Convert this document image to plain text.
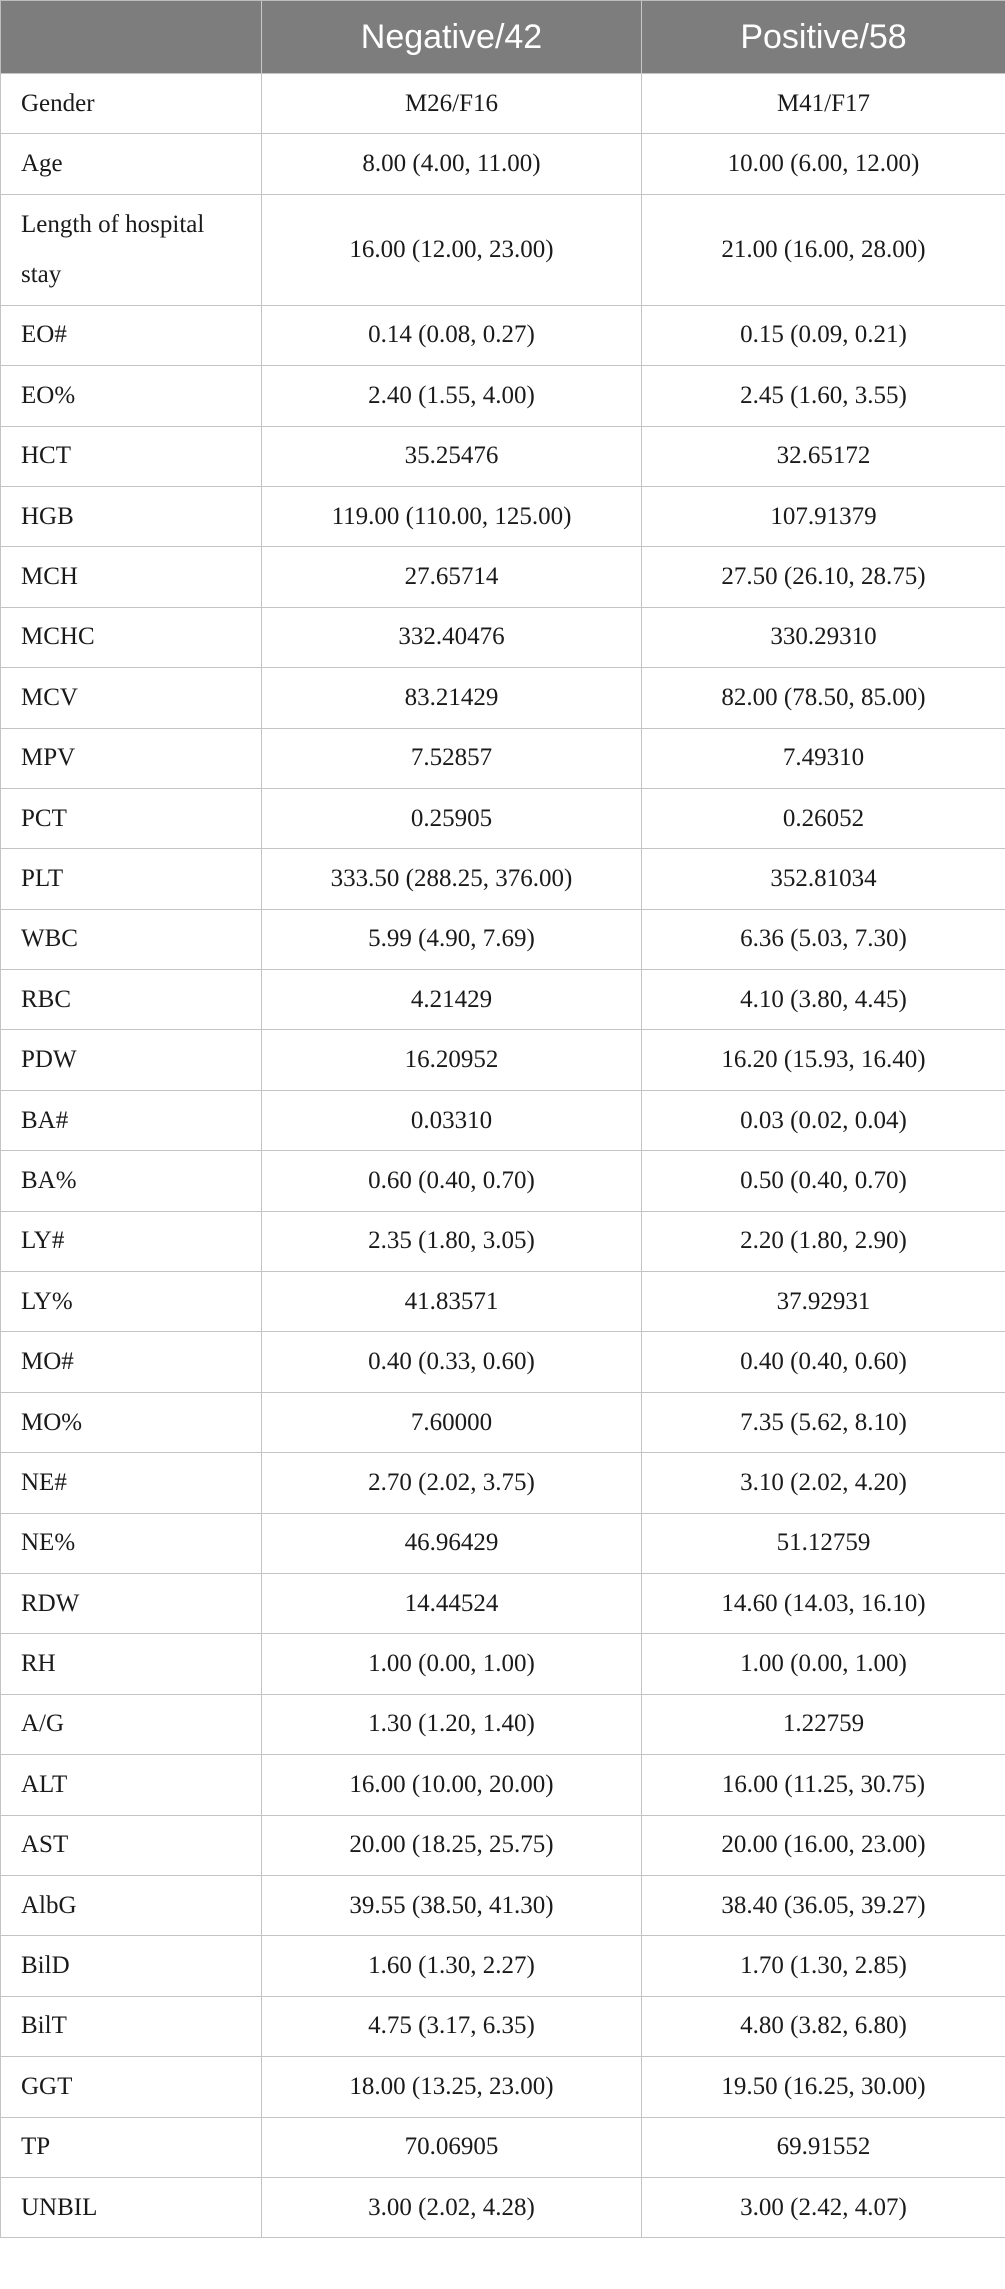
	Negative/42	Positive/58
Gender	M26/F16	M41/F17
Age	8.00 (4.00, 11.00)	10.00 (6.00, 12.00)
Length of hospital stay	16.00 (12.00, 23.00)	21.00 (16.00, 28.00)
EO#	0.14 (0.08, 0.27)	0.15 (0.09, 0.21)
EO%	2.40 (1.55, 4.00)	2.45 (1.60, 3.55)
HCT	35.25476	32.65172
HGB	119.00 (110.00, 125.00)	107.91379
MCH	27.65714	27.50 (26.10, 28.75)
MCHC	332.40476	330.29310
MCV	83.21429	82.00 (78.50, 85.00)
MPV	7.52857	7.49310
PCT	0.25905	0.26052
PLT	333.50 (288.25, 376.00)	352.81034
WBC	5.99 (4.90, 7.69)	6.36 (5.03, 7.30)
RBC	4.21429	4.10 (3.80, 4.45)
PDW	16.20952	16.20 (15.93, 16.40)
BA#	0.03310	0.03 (0.02, 0.04)
BA%	0.60 (0.40, 0.70)	0.50 (0.40, 0.70)
LY#	2.35 (1.80, 3.05)	2.20 (1.80, 2.90)
LY%	41.83571	37.92931
MO#	0.40 (0.33, 0.60)	0.40 (0.40, 0.60)
MO%	7.60000	7.35 (5.62, 8.10)
NE#	2.70 (2.02, 3.75)	3.10 (2.02, 4.20)
NE%	46.96429	51.12759
RDW	14.44524	14.60 (14.03, 16.10)
RH	1.00 (0.00, 1.00)	1.00 (0.00, 1.00)
A/G	1.30 (1.20, 1.40)	1.22759
ALT	16.00 (10.00, 20.00)	16.00 (11.25, 30.75)
AST	20.00 (18.25, 25.75)	20.00 (16.00, 23.00)
AlbG	39.55 (38.50, 41.30)	38.40 (36.05, 39.27)
BilD	1.60 (1.30, 2.27)	1.70 (1.30, 2.85)
BilT	4.75 (3.17, 6.35)	4.80 (3.82, 6.80)
GGT	18.00 (13.25, 23.00)	19.50 (16.25, 30.00)
TP	70.06905	69.91552
UNBIL	3.00 (2.02, 4.28)	3.00 (2.42, 4.07)
